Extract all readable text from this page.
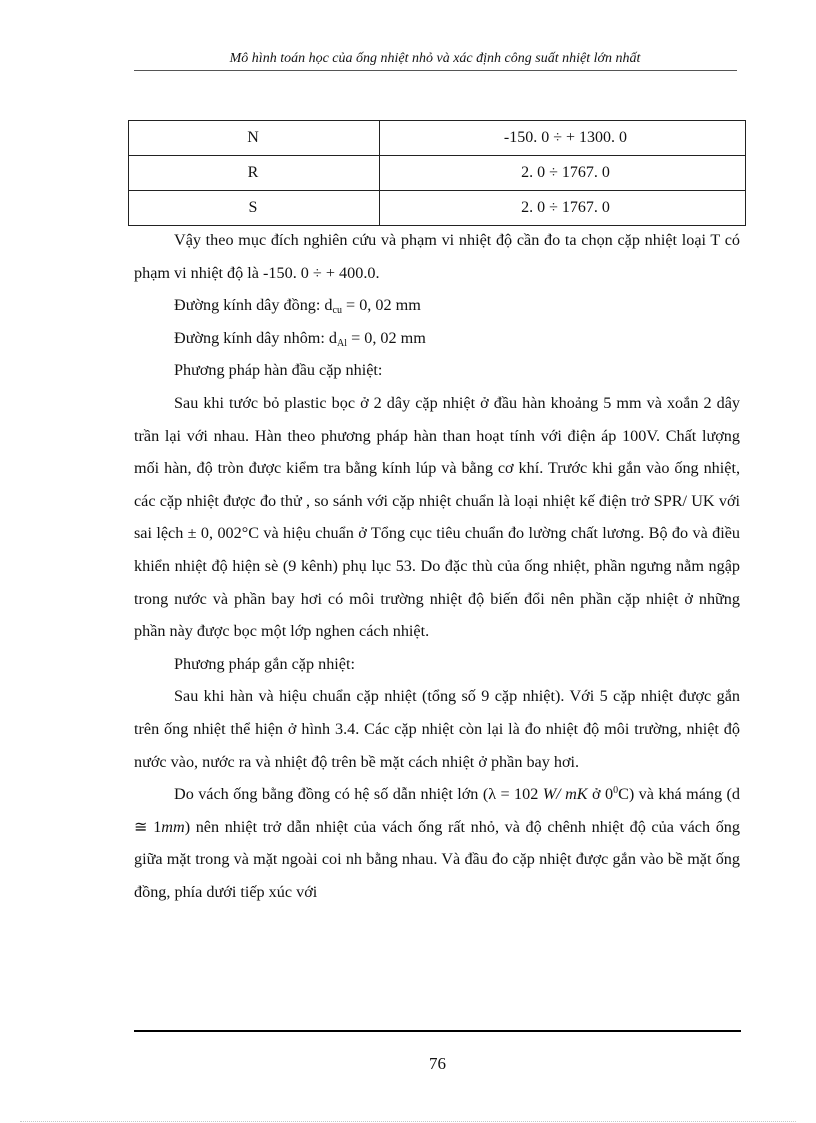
Mô hình toán học của ống nhiệt nhỏ và xác định công suất nhiệt lớn nhất
N	-150. 0 ÷ + 1300. 0
R	2. 0 ÷ 1767. 0
S	2. 0 ÷ 1767. 0

Vậy theo mục đích nghiên cứu và phạm vi nhiệt độ cần đo ta chọn cặp nhiệt loại T có phạm vi nhiệt độ là -150. 0 ÷ + 400.0.

Đường kính dây đồng: $d_{cu} = 0$, 02 mm

Đường kính dây nhôm: $d_{Al} = 0$, 02 mm

Phương pháp hàn đầu cặp nhiệt:

Sau khi tước bỏ plastic bọc ở 2 dây cặp nhiệt ở đầu hàn khoảng 5 mm và xoắn 2 dây trần lại với nhau. Hàn theo phương pháp hàn than hoạt tính với điện áp 100V. Chất lượng mối hàn, độ tròn được kiểm tra bằng kính lúp và bằng cơ khí. Trước khi gắn vào ống nhiệt, các cặp nhiệt được đo thử , so sánh với cặp nhiệt chuẩn là loại nhiệt kế điện trở SPR/ UK với sai lệch ± 0, 002°C và hiệu chuẩn ở Tổng cục tiêu chuẩn đo lường chất lương. Bộ đo và điều khiển nhiệt độ hiện sè (9 kênh) phụ lục 53. Do đặc thù của ống nhiệt, phần ngưng nằm ngập trong nước và phần bay hơi có môi trường nhiệt độ biến đổi nên phần cặp nhiệt ở những phần này được bọc một lớp nghen cách nhiệt.

Phương pháp gắn cặp nhiệt:

Sau khi hàn và hiệu chuẩn cặp nhiệt (tổng số 9 cặp nhiệt). Với 5 cặp nhiệt được gắn trên ống nhiệt thể hiện ở hình 3.4. Các cặp nhiệt còn lại là đo nhiệt độ môi trường, nhiệt độ nước vào, nước ra và nhiệt độ trên bề mặt cách nhiệt ở phần bay hơi.

Do vách ống bằng đồng có hệ số dẫn nhiệt lớn (λ = 102 W/ mK ở $0^0C$) và khá máng (d ≅ 1mm) nên nhiệt trở dẫn nhiệt của vách ống rất nhỏ, và độ chênh nhiệt độ của vách ống giữa mặt trong và mặt ngoài coi nh bằng nhau. Và đầu đo cặp nhiệt được gắn vào bề mặt ống đồng, phía dưới tiếp xúc với

76
